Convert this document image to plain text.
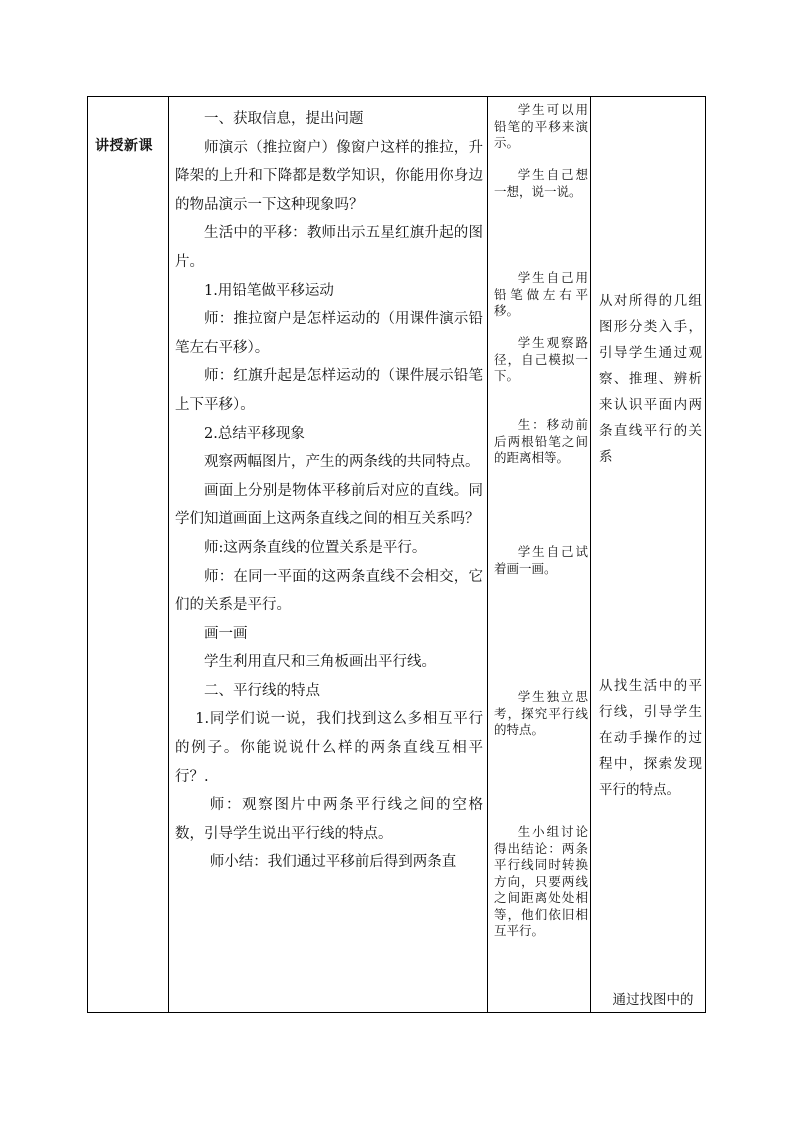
讲授新课

一、获取信息，提出问题

师演示（推拉窗户）像窗户这样的推拉，升降架的上升和下降都是数学知识，你能用你身边的物品演示一下这种现象吗？

生活中的平移：教师出示五星红旗升起的图片。

1.用铅笔做平移运动

师：推拉窗户是怎样运动的（用课件演示铅笔左右平移）。

师：红旗升起是怎样运动的（课件展示铅笔上下平移）。

2.总结平移现象

观察两幅图片，产生的两条线的共同特点。

画面上分别是物体平移前后对应的直线。同学们知道画面上这两条直线之间的相互关系吗？

师:这两条直线的位置关系是平行。

师：在同一平面的这两条直线不会相交，它们的关系是平行。

画一画

学生利用直尺和三角板画出平行线。

二、平行线的特点

1.同学们说一说，我们找到这么多相互平行的例子。你能说说什么样的两条直线互相平行？.

师：观察图片中两条平行线之间的空格数，引导学生说出平行线的特点。

师小结：我们通过平移前后得到两条直

学生可以用铅笔的平移来演示。
学生自己想一想，说一说。
学生自己用铅笔做左右平移。
学生观察路径，自己模拟一下。
生：移动前后两根铅笔之间的距离相等。
学生自己试着画一画。
学生独立思考，探究平行线的特点。
生小组讨论得出结论：两条平行线同时转换方向，只要两线之间距离处处相等，他们依旧相互平行。
从对所得的几组图形分类入手，引导学生通过观察、推理、辨析来认识平面内两条直线平行的关系
从找生活中的平行线，引导学生在动手操作的过程中，探索发现平行的特点。
通过找图中的
